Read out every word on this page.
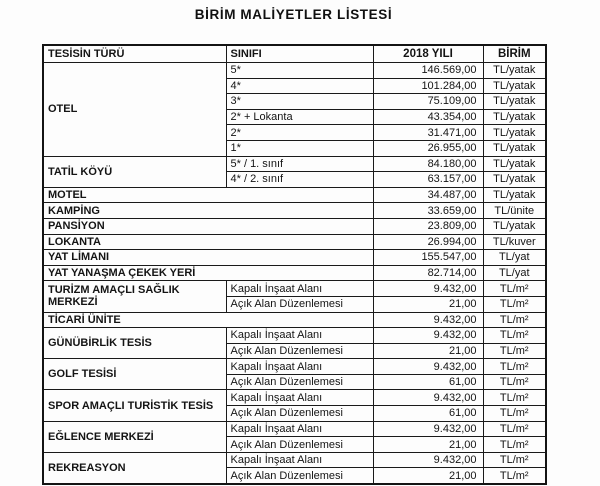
BİRİM MALİYETLER LİSTESİ
TESİSİN TÜRÜ	SINIFI	2018 YILI	BİRİM
OTEL	5*	146.569,00	TL/yatak
	4*	101.284,00	TL/yatak
	3*	75.109,00	TL/yatak
	2* + Lokanta	43.354,00	TL/yatak
	2*	31.471,00	TL/yatak
	1*	26.955,00	TL/yatak
TATİL KÖYÜ	5* / 1. sınıf	84.180,00	TL/yatak
	4* / 2. sınıf	63.157,00	TL/yatak
MOTEL		34.487,00	TL/yatak
KAMPİNG		33.659,00	TL/ünite
PANSİYON		23.809,00	TL/yatak
LOKANTA		26.994,00	TL/kuver
YAT LİMANI		155.547,00	TL/yat
YAT YANAŞMA ÇEKEK YERİ		82.714,00	TL/yat
TURİZM AMAÇLI SAĞLIK MERKEZİ	Kapalı İnşaat Alanı	9.432,00	TL/m²
	Açık Alan Düzenlemesi	21,00	TL/m²
TİCARİ ÜNİTE		9.432,00	TL/m²
GÜNÜBİRLİK TESİS	Kapalı İnşaat Alanı	9.432,00	TL/m²
	Açık Alan Düzenlemesi	21,00	TL/m²
GOLF TESİSİ	Kapalı İnşaat Alanı	9.432,00	TL/m²
	Açık Alan Düzenlemesi	61,00	TL/m²
SPOR AMAÇLI TURİSTİK TESİS	Kapalı İnşaat Alanı	9.432,00	TL/m²
	Açık Alan Düzenlemesi	61,00	TL/m²
EĞLENCE MERKEZİ	Kapalı İnşaat Alanı	9.432,00	TL/m²
	Açık Alan Düzenlemesi	21,00	TL/m²
REKREASYON	Kapalı İnşaat Alanı	9.432,00	TL/m²
	Açık Alan Düzenlemesi	21,00	TL/m²
